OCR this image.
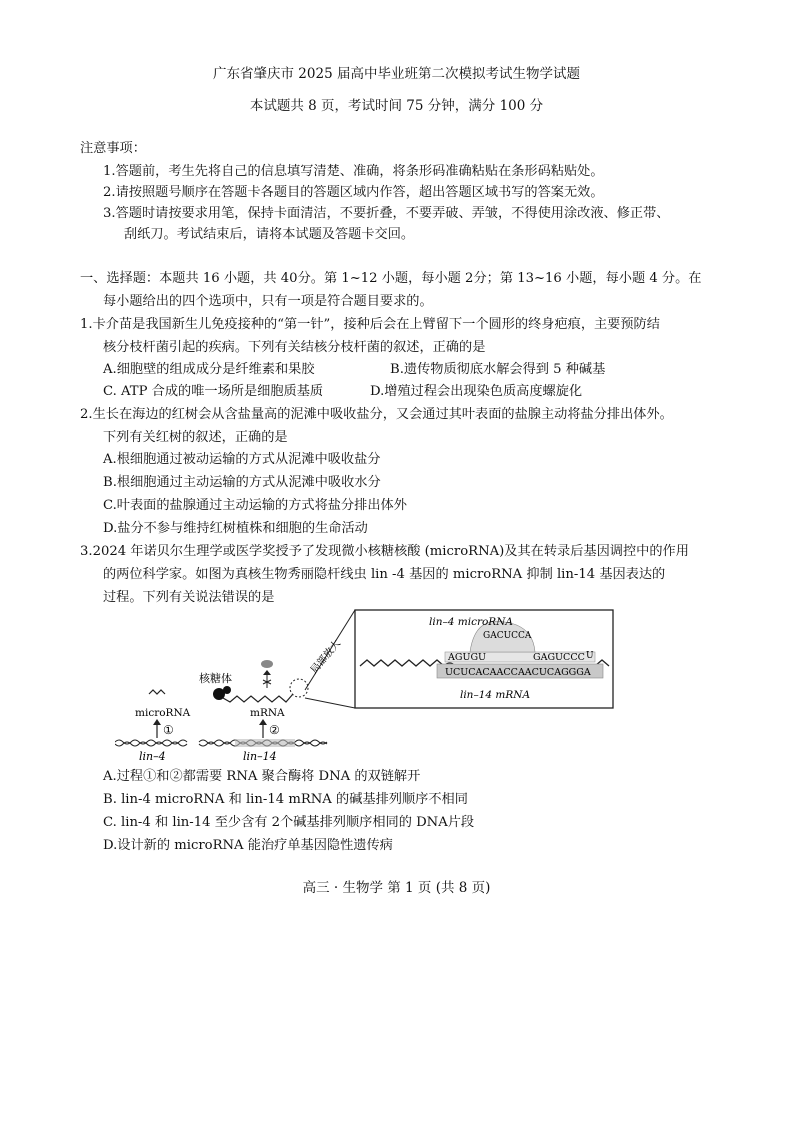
广东省肇庆市 2025 届高中毕业班第二次模拟考试生物学试题
本试题共 8 页，考试时间 75 分钟，满分 100 分
注意事项：
1.答题前，考生先将自己的信息填写清楚、准确，将条形码准确粘贴在条形码粘贴处。
2.请按照题号顺序在答题卡各题目的答题区域内作答，超出答题区域书写的答案无效。
3.答题时请按要求用笔，保持卡面清洁，不要折叠，不要弄破、弄皱，不得使用涂改液、修正带、
刮纸刀。考试结束后，请将本试题及答题卡交回。
一、选择题：本题共 16 小题，共 40分。第 1~12 小题，每小题 2分；第 13~16 小题，每小题 4 分。在
每小题给出的四个选项中，只有一项是符合题目要求的。
1.卡介苗是我国新生儿免疫接种的“第一针”，接种后会在上臂留下一个圆形的终身疤痕，主要预防结
核分枝杆菌引起的疾病。下列有关结核分枝杆菌的叙述，正确的是
A.细胞壁的组成成分是纤维素和果胶	B.遗传物质彻底水解会得到 5 种碱基
C. ATP 合成的唯一场所是细胞质基质	D.增殖过程会出现染色质高度螺旋化
2.生长在海边的红树会从含盐量高的泥滩中吸收盐分，又会通过其叶表面的盐腺主动将盐分排出体外。
下列有关红树的叙述，正确的是
A.根细胞通过被动运输的方式从泥滩中吸收盐分
B.根细胞通过主动运输的方式从泥滩中吸收水分
C.叶表面的盐腺通过主动运输的方式将盐分排出体外
D.盐分不参与维持红树植株和细胞的生命活动
3.2024 年诺贝尔生理学或医学奖授予了发现微小核糖核酸 (microRNA)及其在转录后基因调控中的作用
的两位科学家。如图为真核生物秀丽隐杆线虫 lin -4 基因的 microRNA 抑制 lin-14 基因表达的
过程。下列有关说法错误的是
lin–4 microRNA
AGUGU
GACUCCA
GAGUCCC U
UCUCACAACCAACUCAGGGA
lin–14 mRNA
局部放大
核糖体
microRNA	mRNA
①	②
lin–4	lin–14
A.过程①和②都需要 RNA 聚合酶将 DNA 的双链解开
B. lin-4 microRNA 和 lin-14 mRNA 的碱基排列顺序不相同
C. lin-4 和 lin-14 至少含有 2个碱基排列顺序相同的 DNA片段
D.设计新的 microRNA 能治疗单基因隐性遗传病
高三 · 生物学 第 1 页 (共 8 页)
